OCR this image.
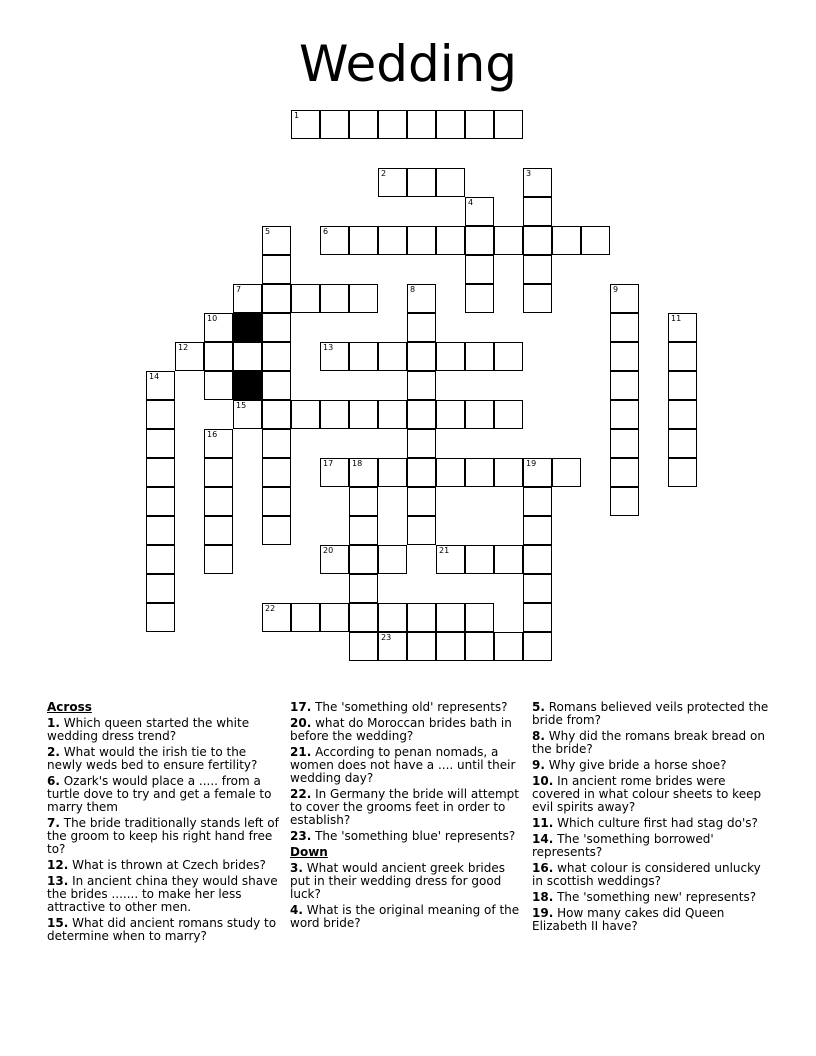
Wedding
1
2	3
4
5	6
7	8	9
10	11
12	13
14
15
16
17 18	19
20	21
22
23
Across
1. Which queen started the white wedding dress trend?
2. What would the irish tie to the newly weds bed to ensure fertility?
6. Ozark's would place a ..... from a turtle dove to try and get a female to marry them
7. The bride traditionally stands left of the groom to keep his right hand free to?
12. What is thrown at Czech brides?
13. In ancient china they would shave the brides ....... to make her less attractive to other men.
15. What did ancient romans study to determine when to marry?
17. The 'something old' represents?
20. what do Moroccan brides bath in before the wedding?
21. According to penan nomads, a women does not have a .... until their wedding day?
22. In Germany the bride will attempt to cover the grooms feet in order to establish?
23. The 'something blue' represents?
Down
3. What would ancient greek brides put in their wedding dress for good luck?
4. What is the original meaning of the word bride?
5. Romans believed veils protected the bride from?
8. Why did the romans break bread on the bride?
9. Why give bride a horse shoe?
10. In ancient rome brides were covered in what colour sheets to keep evil spirits away?
11. Which culture first had stag do's?
14. The 'something borrowed' represents?
16. what colour is considered unlucky in scottish weddings?
18. The 'something new' represents?
19. How many cakes did Queen Elizabeth II have?
